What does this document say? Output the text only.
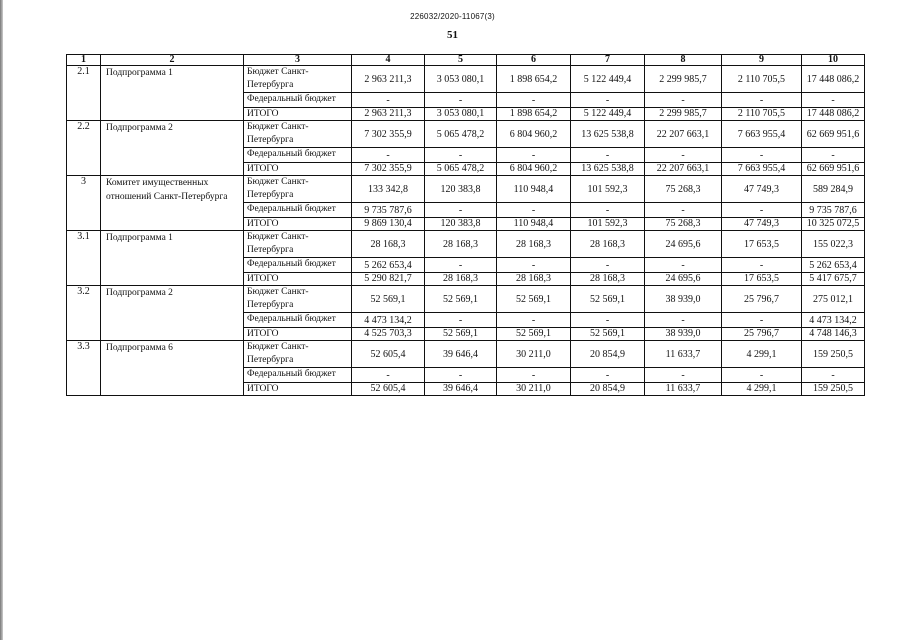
226032/2020-11067(3)
51
1	2	3	4	5	6	7	8	9	10
2.1	Подпрограмма 1	Бюджет Санкт-Петербурга	2 963 211,3	3 053 080,1	1 898 654,2	5 122 449,4	2 299 985,7	2 110 705,5	17 448 086,2
		Федеральный бюджет	-	-	-	-	-	-	-
		ИТОГО	2 963 211,3	3 053 080,1	1 898 654,2	5 122 449,4	2 299 985,7	2 110 705,5	17 448 086,2
2.2	Подпрограмма 2	Бюджет Санкт-Петербурга	7 302 355,9	5 065 478,2	6 804 960,2	13 625 538,8	22 207 663,1	7 663 955,4	62 669 951,6
		Федеральный бюджет	-	-	-	-	-	-	-
		ИТОГО	7 302 355,9	5 065 478,2	6 804 960,2	13 625 538,8	22 207 663,1	7 663 955,4	62 669 951,6
3	Комитет имущественных отношений Санкт-Петербурга	Бюджет Санкт-Петербурга	133 342,8	120 383,8	110 948,4	101 592,3	75 268,3	47 749,3	589 284,9
		Федеральный бюджет	9 735 787,6	-	-	-	-	-	9 735 787,6
		ИТОГО	9 869 130,4	120 383,8	110 948,4	101 592,3	75 268,3	47 749,3	10 325 072,5
3.1	Подпрограмма 1	Бюджет Санкт-Петербурга	28 168,3	28 168,3	28 168,3	28 168,3	24 695,6	17 653,5	155 022,3
		Федеральный бюджет	5 262 653,4	-	-	-	-	-	5 262 653,4
		ИТОГО	5 290 821,7	28 168,3	28 168,3	28 168,3	24 695,6	17 653,5	5 417 675,7
3.2	Подпрограмма 2	Бюджет Санкт-Петербурга	52 569,1	52 569,1	52 569,1	52 569,1	38 939,0	25 796,7	275 012,1
		Федеральный бюджет	4 473 134,2	-	-	-	-	-	4 473 134,2
		ИТОГО	4 525 703,3	52 569,1	52 569,1	52 569,1	38 939,0	25 796,7	4 748 146,3
3.3	Подпрограмма 6	Бюджет Санкт-Петербурга	52 605,4	39 646,4	30 211,0	20 854,9	11 633,7	4 299,1	159 250,5
		Федеральный бюджет	-	-	-	-	-	-	-
		ИТОГО	52 605,4	39 646,4	30 211,0	20 854,9	11 633,7	4 299,1	159 250,5
